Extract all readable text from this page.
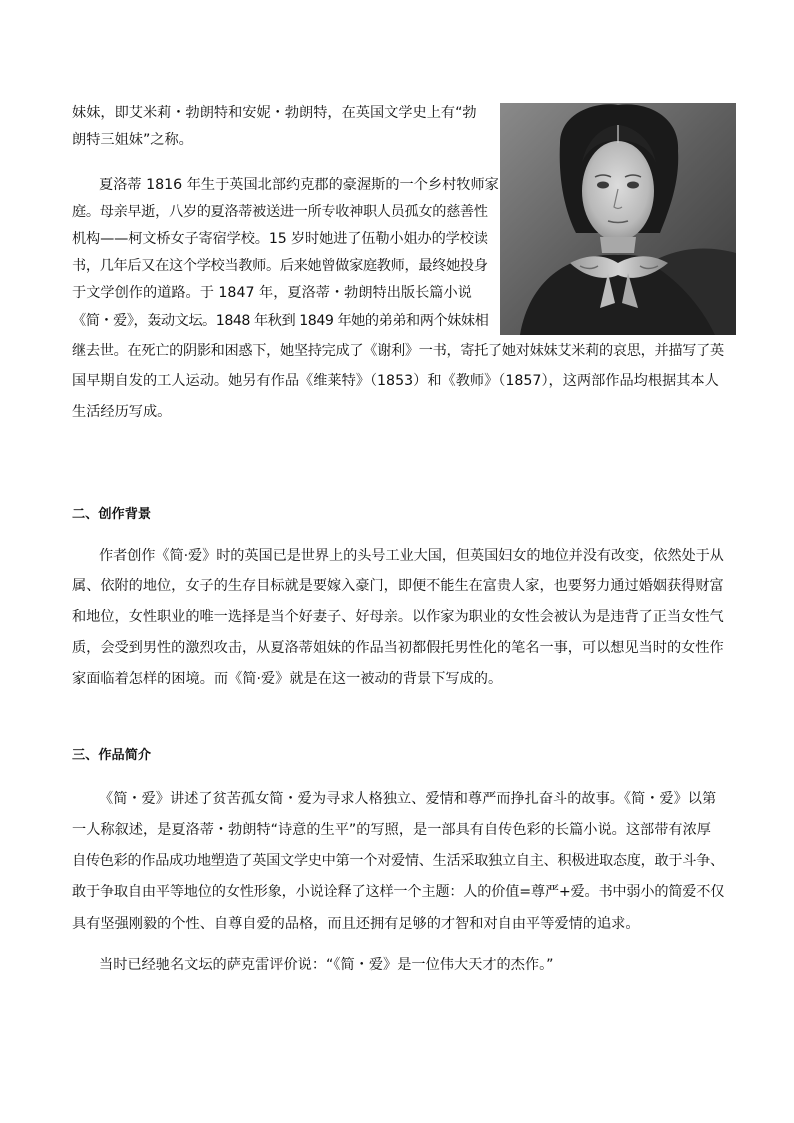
妹妹，即艾米莉・勃朗特和安妮・勃朗特，在英国文学史上有“勃

朗特三姐妹”之称。

夏洛蒂 1816 年生于英国北部约克郡的豪渥斯的一个乡村牧师家

庭。母亲早逝，八岁的夏洛蒂被送进一所专收神职人员孤女的慈善性

机构——柯文桥女子寄宿学校。15 岁时她进了伍勒小姐办的学校读

书，几年后又在这个学校当教师。后来她曾做家庭教师，最终她投身

于文学创作的道路。于 1847 年，夏洛蒂・勃朗特出版长篇小说

《简・爱》，轰动文坛。1848 年秋到 1849 年她的弟弟和两个妹妹相

继去世。在死亡的阴影和困惑下，她坚持完成了《谢利》一书，寄托了她对妹妹艾米莉的哀思，并描写了英

国早期自发的工人运动。她另有作品《维莱特》（1853）和《教师》（1857），这两部作品均根据其本人

生活经历写成。

二、创作背景

作者创作《简·爱》时的英国已是世界上的头号工业大国，但英国妇女的地位并没有改变，依然处于从

属、依附的地位，女子的生存目标就是要嫁入豪门，即便不能生在富贵人家，也要努力通过婚姻获得财富

和地位，女性职业的唯一选择是当个好妻子、好母亲。以作家为职业的女性会被认为是违背了正当女性气

质，会受到男性的激烈攻击，从夏洛蒂姐妹的作品当初都假托男性化的笔名一事，可以想见当时的女性作

家面临着怎样的困境。而《简·爱》就是在这一被动的背景下写成的。

三、作品简介

《简・爱》讲述了贫苦孤女简・爱为寻求人格独立、爱情和尊严而挣扎奋斗的故事。《简・爱》以第

一人称叙述，是夏洛蒂・勃朗特“诗意的生平”的写照，是一部具有自传色彩的长篇小说。这部带有浓厚

自传色彩的作品成功地塑造了英国文学史中第一个对爱情、生活采取独立自主、积极进取态度，敢于斗争、

敢于争取自由平等地位的女性形象，小说诠释了这样一个主题：人的价值=尊严+爱。书中弱小的简爱不仅

具有坚强刚毅的个性、自尊自爱的品格，而且还拥有足够的才智和对自由平等爱情的追求。

当时已经驰名文坛的萨克雷评价说：“《简・爱》是一位伟大天才的杰作。”
